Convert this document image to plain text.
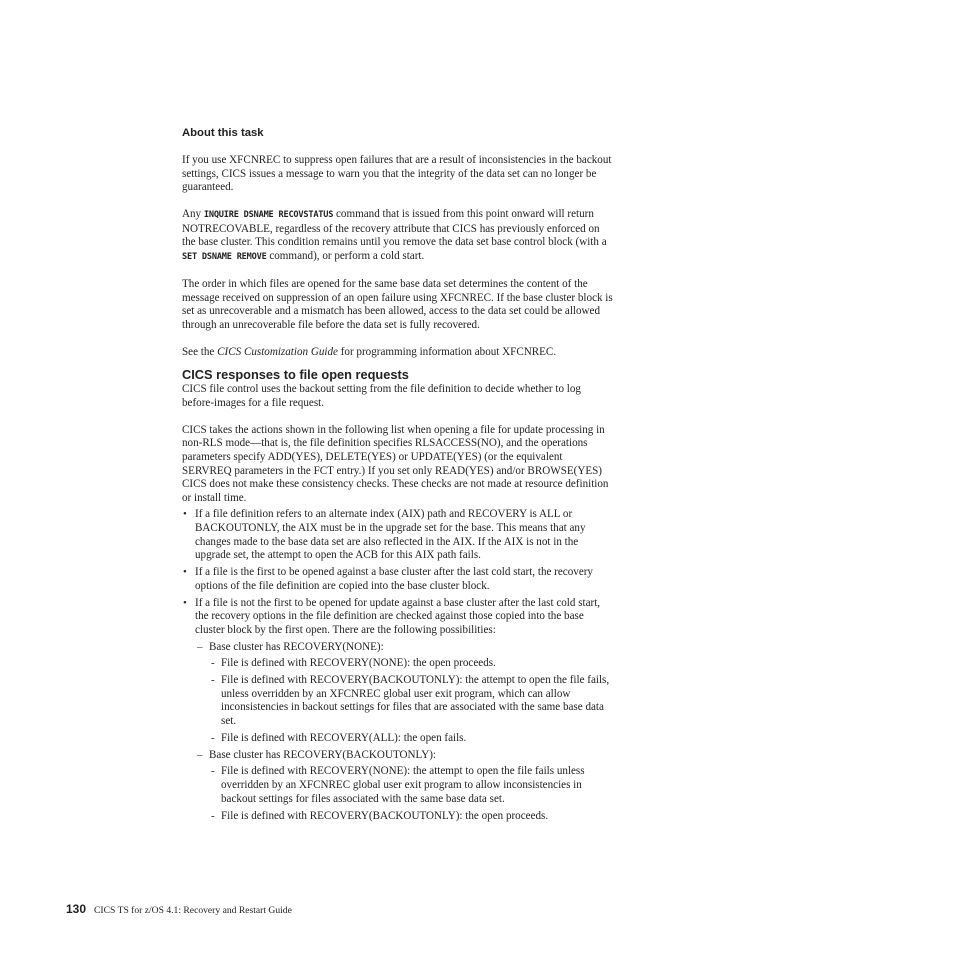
About this task

If you use XFCNREC to suppress open failures that are a result of inconsistencies in the backout settings, CICS issues a message to warn you that the integrity of the data set can no longer be guaranteed.

Any INQUIRE DSNAME RECOVSTATUS command that is issued from this point onward will return NOTRECOVABLE, regardless of the recovery attribute that CICS has previously enforced on the base cluster. This condition remains until you remove the data set base control block (with a SET DSNAME REMOVE command), or perform a cold start.

The order in which files are opened for the same base data set determines the content of the message received on suppression of an open failure using XFCNREC. If the base cluster block is set as unrecoverable and a mismatch has been allowed, access to the data set could be allowed through an unrecoverable file before the data set is fully recovered.

See the CICS Customization Guide for programming information about XFCNREC.

CICS responses to file open requests

CICS file control uses the backout setting from the file definition to decide whether to log before-images for a file request.

CICS takes the actions shown in the following list when opening a file for update processing in non-RLS mode—that is, the file definition specifies RLSACCESS(NO), and the operations parameters specify ADD(YES), DELETE(YES) or UPDATE(YES) (or the equivalent SERVREQ parameters in the FCT entry.) If you set only READ(YES) and/or BROWSE(YES) CICS does not make these consistency checks. These checks are not made at resource definition or install time.

• If a file definition refers to an alternate index (AIX) path and RECOVERY is ALL or BACKOUTONLY, the AIX must be in the upgrade set for the base. This means that any changes made to the base data set are also reflected in the AIX. If the AIX is not in the upgrade set, the attempt to open the ACB for this AIX path fails.
• If a file is the first to be opened against a base cluster after the last cold start, the recovery options of the file definition are copied into the base cluster block.
• If a file is not the first to be opened for update against a base cluster after the last cold start, the recovery options in the file definition are checked against those copied into the base cluster block by the first open. There are the following possibilities:
– Base cluster has RECOVERY(NONE):
- File is defined with RECOVERY(NONE): the open proceeds.
- File is defined with RECOVERY(BACKOUTONLY): the attempt to open the file fails, unless overridden by an XFCNREC global user exit program, which can allow inconsistencies in backout settings for files that are associated with the same base data set.
- File is defined with RECOVERY(ALL): the open fails.
– Base cluster has RECOVERY(BACKOUTONLY):
- File is defined with RECOVERY(NONE): the attempt to open the file fails unless overridden by an XFCNREC global user exit program to allow inconsistencies in backout settings for files associated with the same base data set.
- File is defined with RECOVERY(BACKOUTONLY): the open proceeds.
130 CICS TS for z/OS 4.1: Recovery and Restart Guide
